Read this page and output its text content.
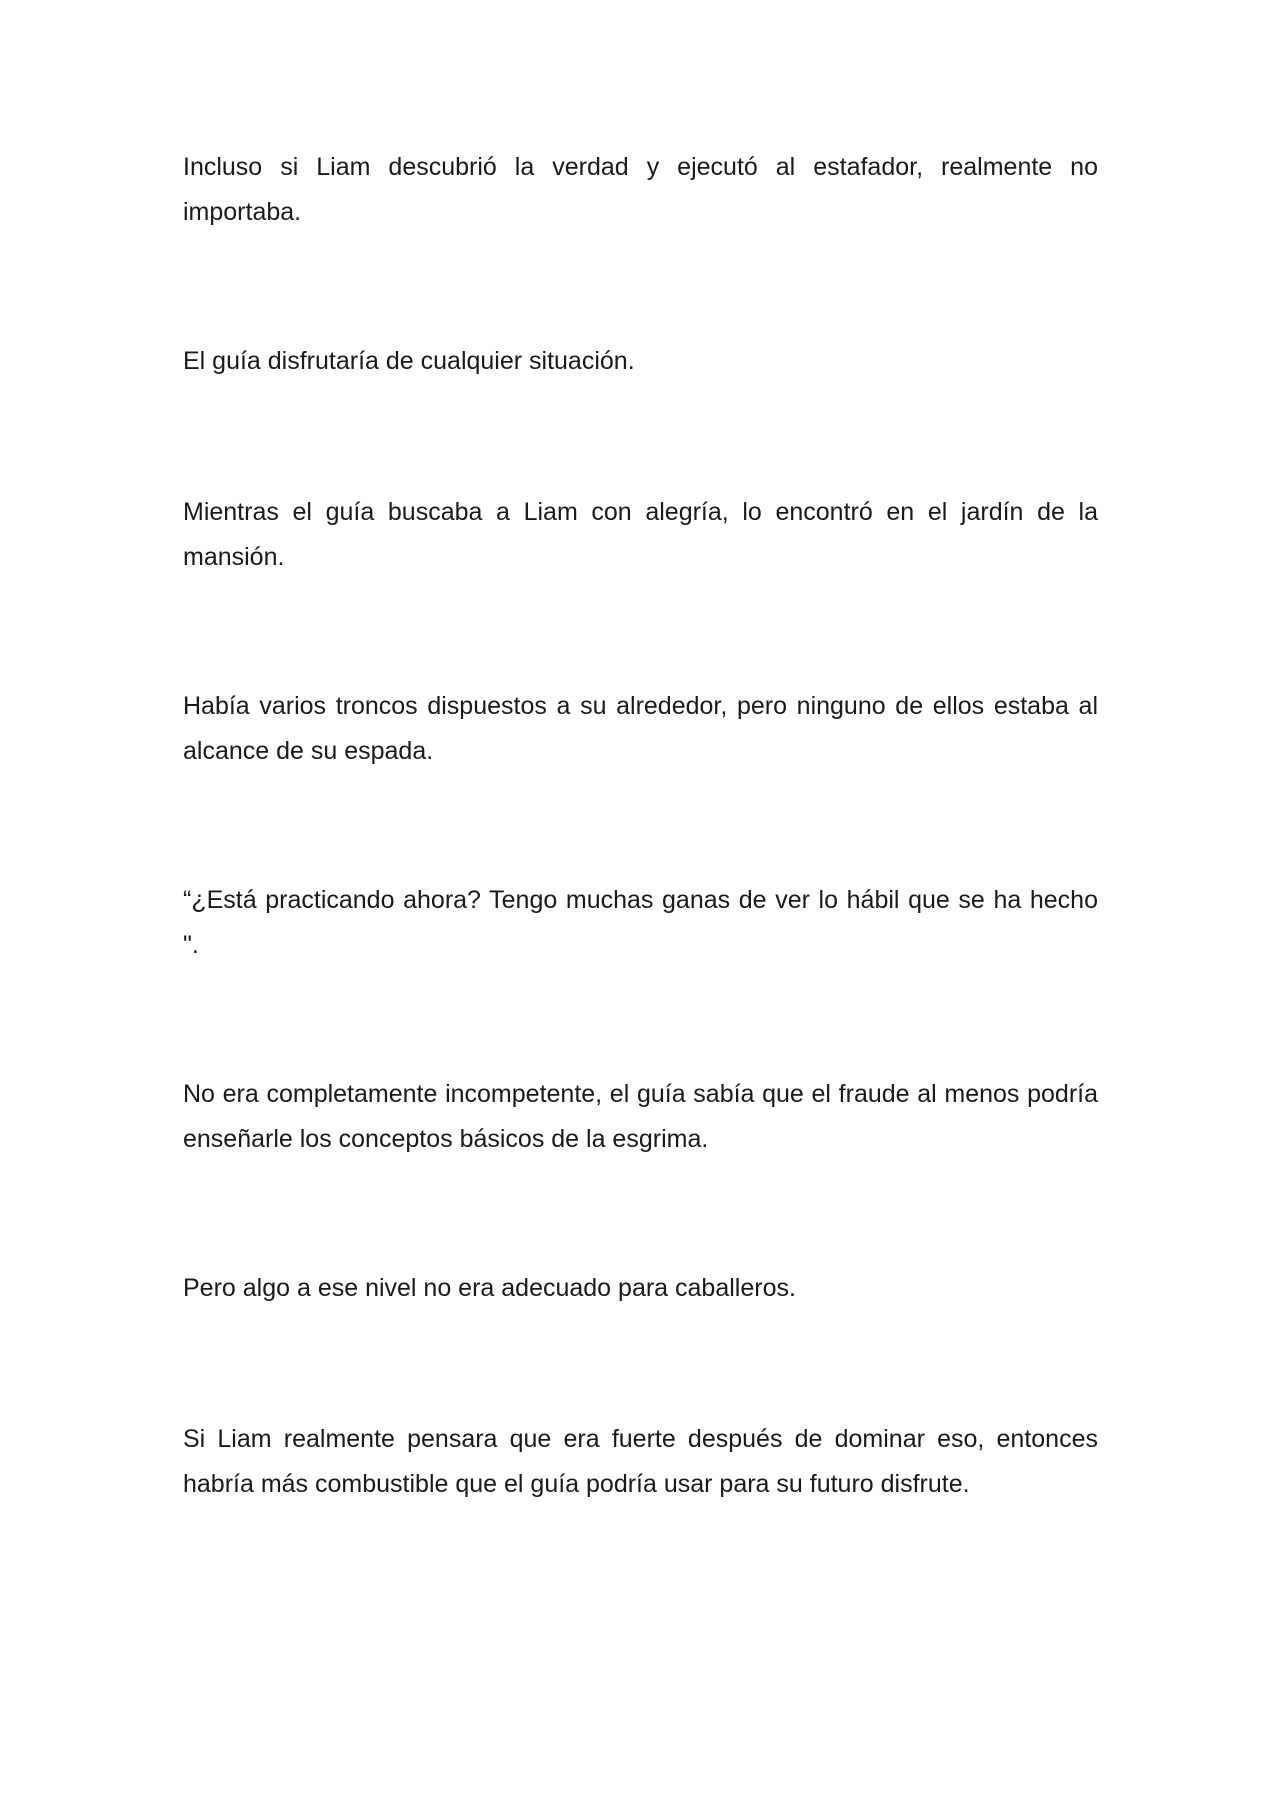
Incluso si Liam descubrió la verdad y ejecutó al estafador, realmente no importaba.

El guía disfrutaría de cualquier situación.

Mientras el guía buscaba a Liam con alegría, lo encontró en el jardín de la mansión.

Había varios troncos dispuestos a su alrededor, pero ninguno de ellos estaba al alcance de su espada.

“¿Está practicando ahora? Tengo muchas ganas de ver lo hábil que se ha hecho ".

No era completamente incompetente, el guía sabía que el fraude al menos podría enseñarle los conceptos básicos de la esgrima.

Pero algo a ese nivel no era adecuado para caballeros.

Si Liam realmente pensara que era fuerte después de dominar eso, entonces habría más combustible que el guía podría usar para su futuro disfrute.
